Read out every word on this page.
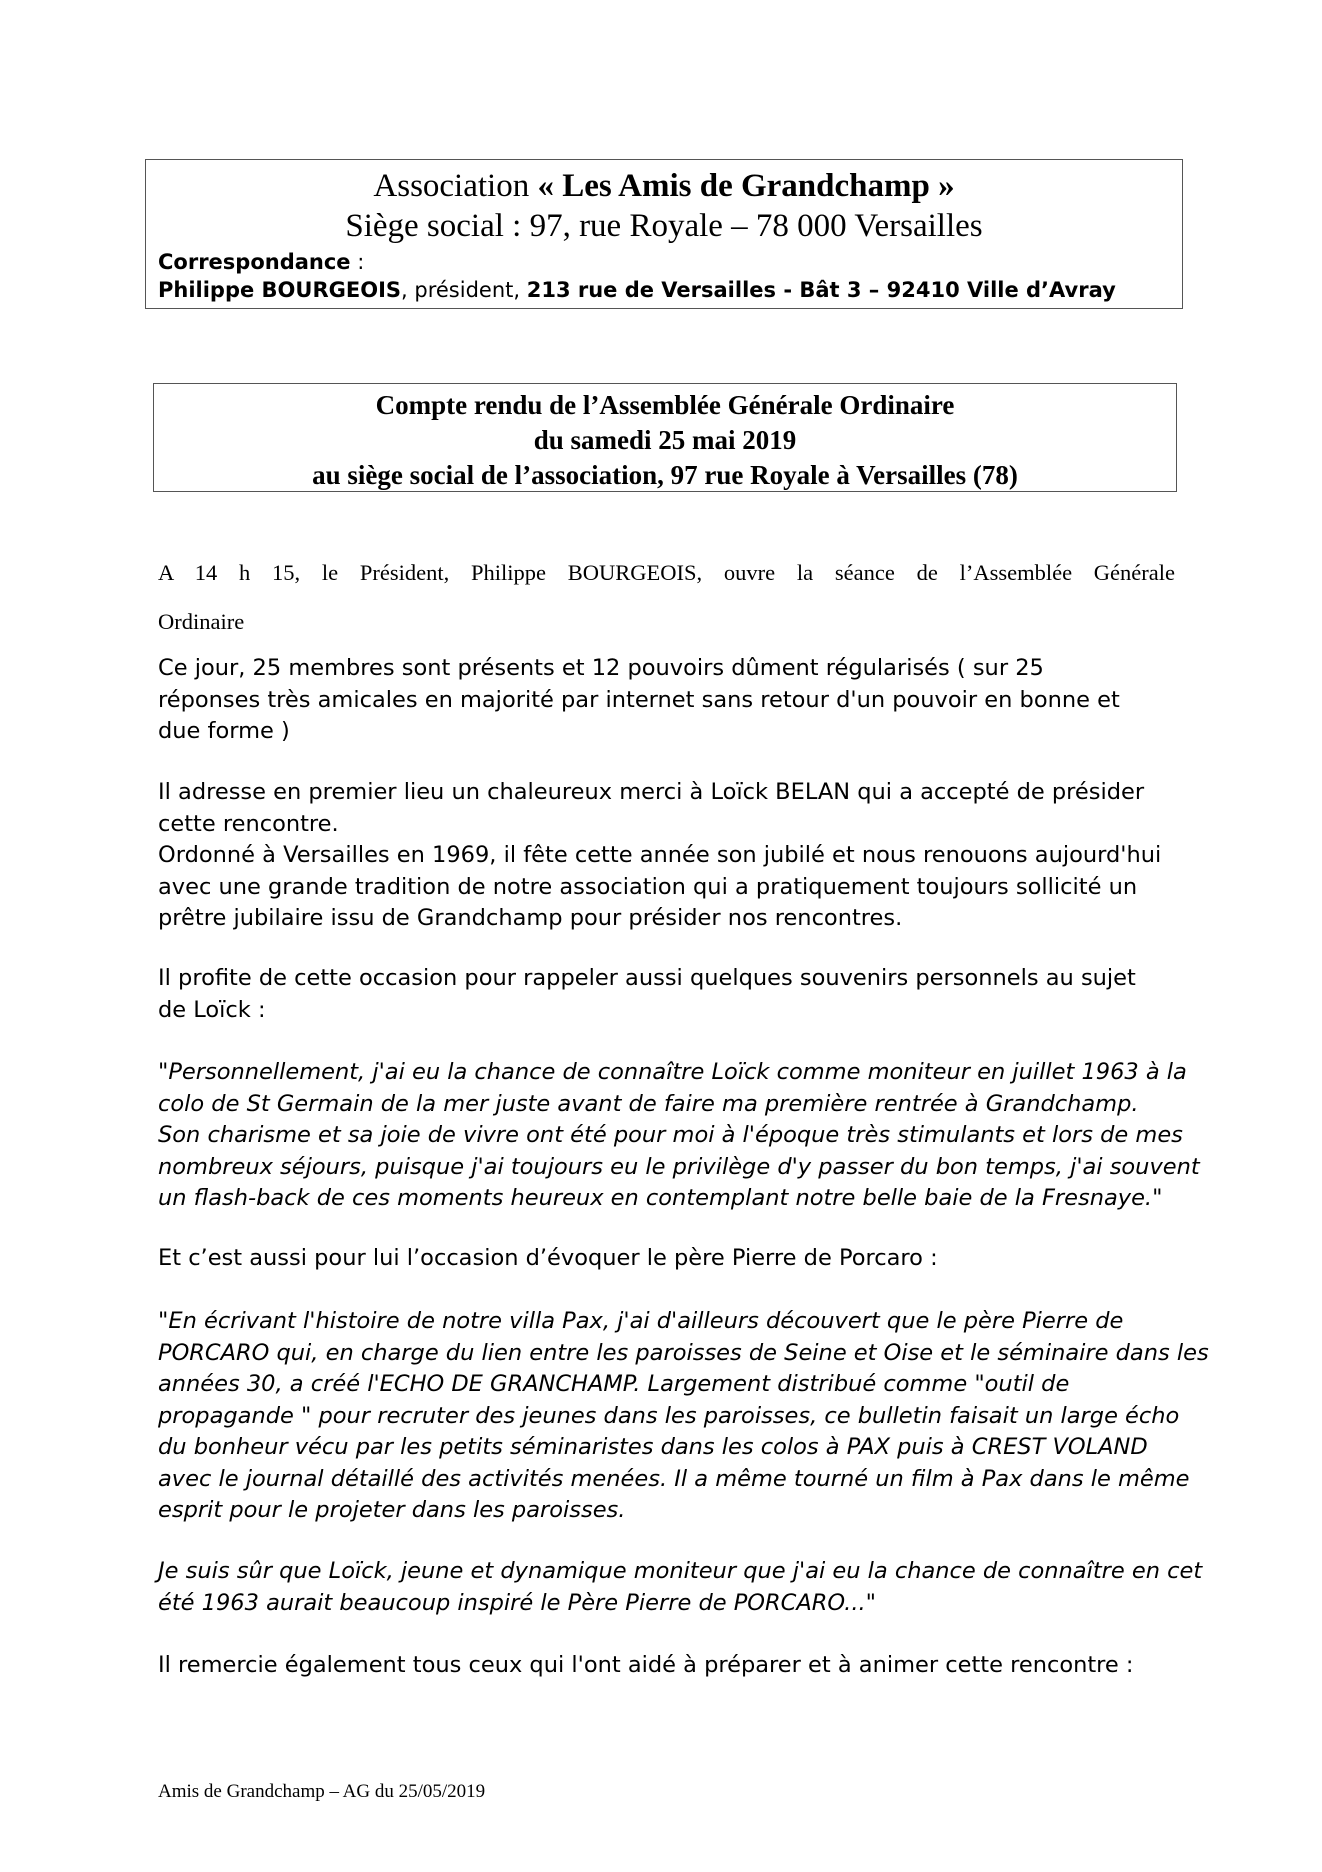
Association « Les Amis de Grandchamp »
Siège social : 97, rue Royale – 78 000 Versailles
Correspondance :
Philippe BOURGEOIS, président, 213 rue de Versailles - Bât 3 – 92410 Ville d’Avray
Compte rendu de l’Assemblée Générale Ordinaire
du samedi 25 mai 2019
au siège social de l’association, 97 rue Royale à Versailles (78)
A 14 h 15, le Président, Philippe BOURGEOIS, ouvre la séance de l’Assemblée Générale
Ordinaire
Ce jour, 25 membres sont présents et 12 pouvoirs dûment régularisés ( sur 25
réponses très amicales en majorité par internet sans retour d'un pouvoir en bonne et
due forme )
Il adresse en premier lieu un chaleureux merci à Loïck BELAN qui a accepté de présider
cette rencontre.
Ordonné à Versailles en 1969, il fête cette année son jubilé et nous renouons aujourd'hui
avec une grande tradition de notre association qui a pratiquement toujours sollicité un
prêtre jubilaire issu de Grandchamp pour présider nos rencontres.
Il profite de cette occasion pour rappeler aussi quelques souvenirs personnels au sujet
de Loïck :
"Personnellement, j'ai eu la chance de connaître Loïck comme moniteur en juillet 1963 à la
colo de St Germain de la mer juste avant de faire ma première rentrée à Grandchamp.
Son charisme et sa joie de vivre ont été pour moi à l'époque très stimulants et lors de mes
nombreux séjours, puisque j'ai toujours eu le privilège d'y passer du bon temps, j'ai souvent
un flash-back de ces moments heureux en contemplant notre belle baie de la Fresnaye."
Et c’est aussi pour lui l’occasion d’évoquer le père Pierre de Porcaro :
"En écrivant l'histoire de notre villa Pax, j'ai d'ailleurs découvert que le père Pierre de
PORCARO qui, en charge du lien entre les paroisses de Seine et Oise et le séminaire dans les
années 30, a créé l'ECHO DE GRANCHAMP. Largement distribué comme "outil de
propagande " pour recruter des jeunes dans les paroisses, ce bulletin faisait un large écho
du bonheur vécu par les petits séminaristes dans les colos à PAX puis à CREST VOLAND
avec le journal détaillé des activités menées. Il a même tourné un film à Pax dans le même
esprit pour le projeter dans les paroisses.
Je suis sûr que Loïck, jeune et dynamique moniteur que j'ai eu la chance de connaître en cet
été 1963 aurait beaucoup inspiré le Père Pierre de PORCARO..."
Il remercie également tous ceux qui l'ont aidé à préparer et à animer cette rencontre :
Amis de Grandchamp – AG du 25/05/2019
